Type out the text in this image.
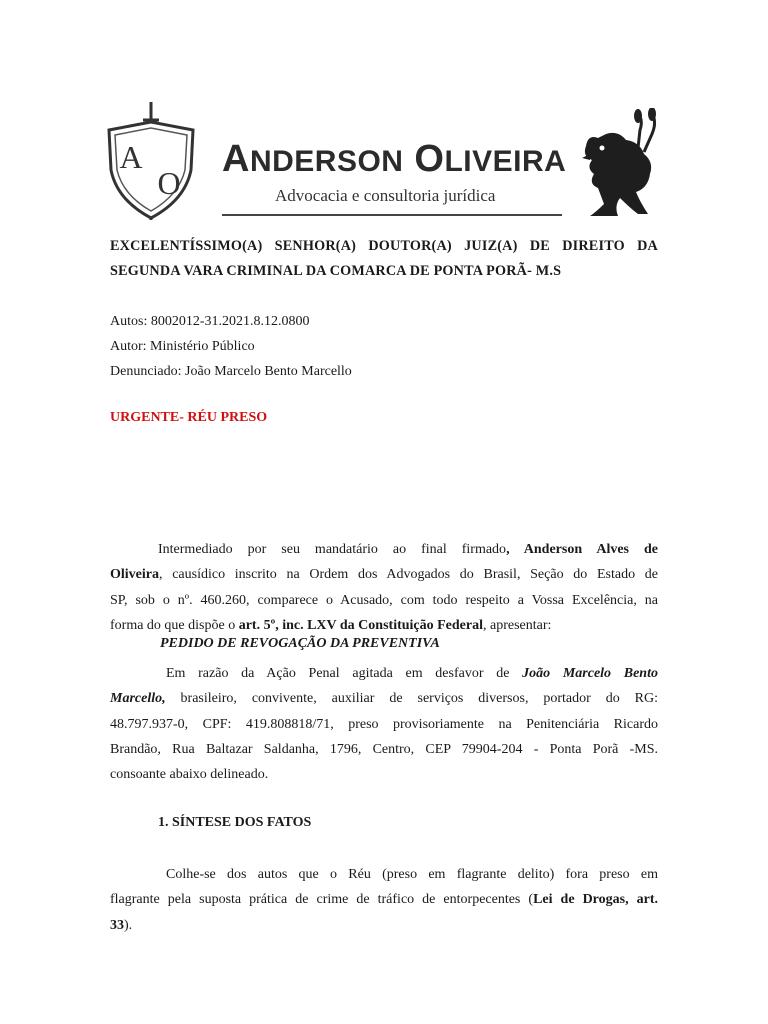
A
O
ANDERSON OLIVEIRA
Advocacia e consultoria jurídica
EXCELENTÍSSIMO(A) SENHOR(A) DOUTOR(A) JUIZ(A) DE DIREITO DA
SEGUNDA VARA CRIMINAL DA COMARCA DE PONTA PORÃ- M.S
Autos: 8002012-31.2021.8.12.0800
Autor: Ministério Público
Denunciado: João Marcelo Bento Marcello
URGENTE- RÉU PRESO
Intermediado por seu mandatário ao final firmado, Anderson Alves de
Oliveira, causídico inscrito na Ordem dos Advogados do Brasil, Seção do Estado de
SP, sob o nº. 460.260, comparece o Acusado, com todo respeito a Vossa Excelência, na
forma do que dispõe o art. 5º, inc. LXV da Constituição Federal, apresentar:
PEDIDO DE REVOGAÇÃO DA PREVENTIVA
Em razão da Ação Penal agitada em desfavor de João Marcelo Bento
Marcello, brasileiro, convivente, auxiliar de serviços diversos, portador do RG:
48.797.937-0, CPF: 419.808818/71, preso provisoriamente na Penitenciária Ricardo
Brandão, Rua Baltazar Saldanha, 1796, Centro, CEP 79904-204 - Ponta Porã -MS.
consoante abaixo delineado.
1. SÍNTESE DOS FATOS
Colhe-se dos autos que o Réu (preso em flagrante delito) fora preso em
flagrante pela suposta prática de crime de tráfico de entorpecentes (Lei de Drogas, art.
33).
